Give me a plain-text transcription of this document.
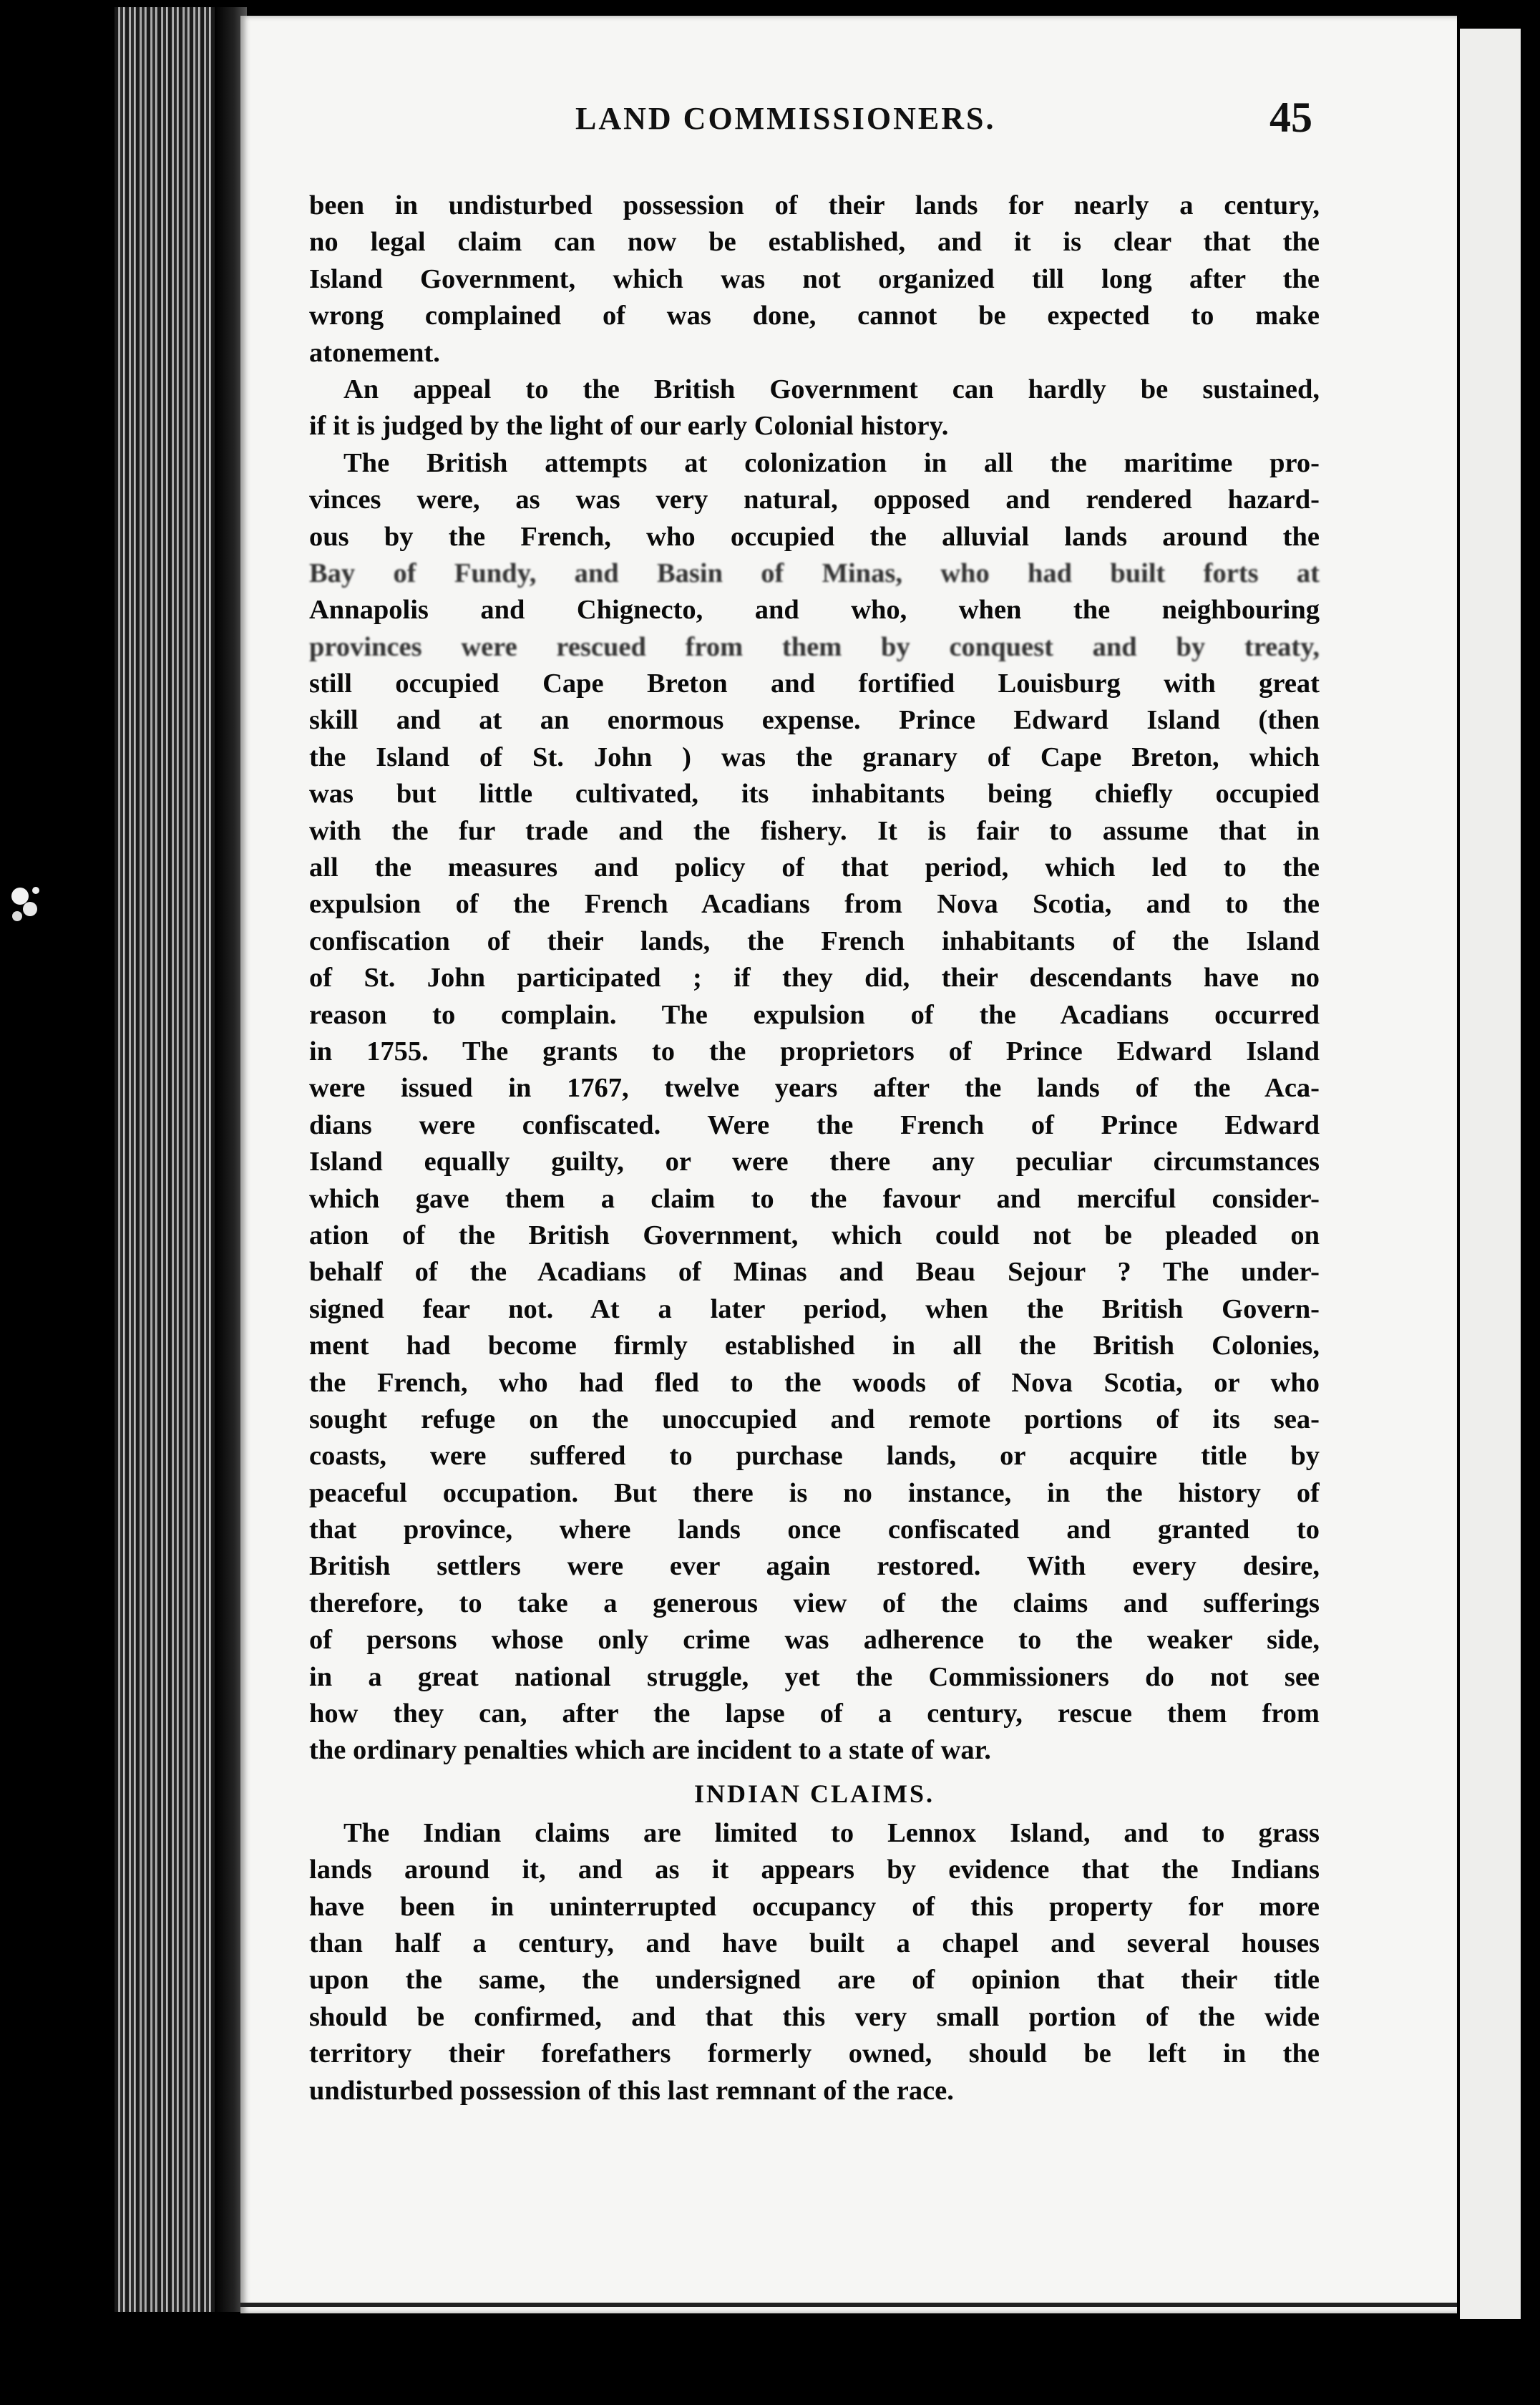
LAND COMMISSIONERS.	45
been in undisturbed possession of their lands for nearly a century,
no legal claim can now be established, and it is clear that the
Island Government, which was not organized till long after the
wrong complained of was done, cannot be expected to make
atonement.
An appeal to the British Government can hardly be sustained,
if it is judged by the light of our early Colonial history.
The British attempts at colonization in all the maritime pro-
vinces were, as was very natural, opposed and rendered hazard-
ous by the French, who occupied the alluvial lands around the
Bay of Fundy, and Basin of Minas, who had built forts at
Annapolis and Chignecto, and who, when the neighbouring
provinces were rescued from them by conquest and by treaty,
still occupied Cape Breton and fortified Louisburg with great
skill and at an enormous expense. Prince Edward Island (then
the Island of St. John ) was the granary of Cape Breton, which
was but little cultivated, its inhabitants being chiefly occupied
with the fur trade and the fishery. It is fair to assume that in
all the measures and policy of that period, which led to the
expulsion of the French Acadians from Nova Scotia, and to the
confiscation of their lands, the French inhabitants of the Island
of St. John participated ; if they did, their descendants have no
reason to complain. The expulsion of the Acadians occurred
in 1755. The grants to the proprietors of Prince Edward Island
were issued in 1767, twelve years after the lands of the Aca-
dians were confiscated. Were the French of Prince Edward
Island equally guilty, or were there any peculiar circumstances
which gave them a claim to the favour and merciful consider-
ation of the British Government, which could not be pleaded on
behalf of the Acadians of Minas and Beau Sejour ? The under-
signed fear not. At a later period, when the British Govern-
ment had become firmly established in all the British Colonies,
the French, who had fled to the woods of Nova Scotia, or who
sought refuge on the unoccupied and remote portions of its sea-
coasts, were suffered to purchase lands, or acquire title by
peaceful occupation. But there is no instance, in the history of
that province, where lands once confiscated and granted to
British settlers were ever again restored. With every desire,
therefore, to take a generous view of the claims and sufferings
of persons whose only crime was adherence to the weaker side,
in a great national struggle, yet the Commissioners do not see
how they can, after the lapse of a century, rescue them from
the ordinary penalties which are incident to a state of war.
INDIAN CLAIMS.
The Indian claims are limited to Lennox Island, and to grass
lands around it, and as it appears by evidence that the Indians
have been in uninterrupted occupancy of this property for more
than half a century, and have built a chapel and several houses
upon the same, the undersigned are of opinion that their title
should be confirmed, and that this very small portion of the wide
territory their forefathers formerly owned, should be left in the
undisturbed possession of this last remnant of the race.
